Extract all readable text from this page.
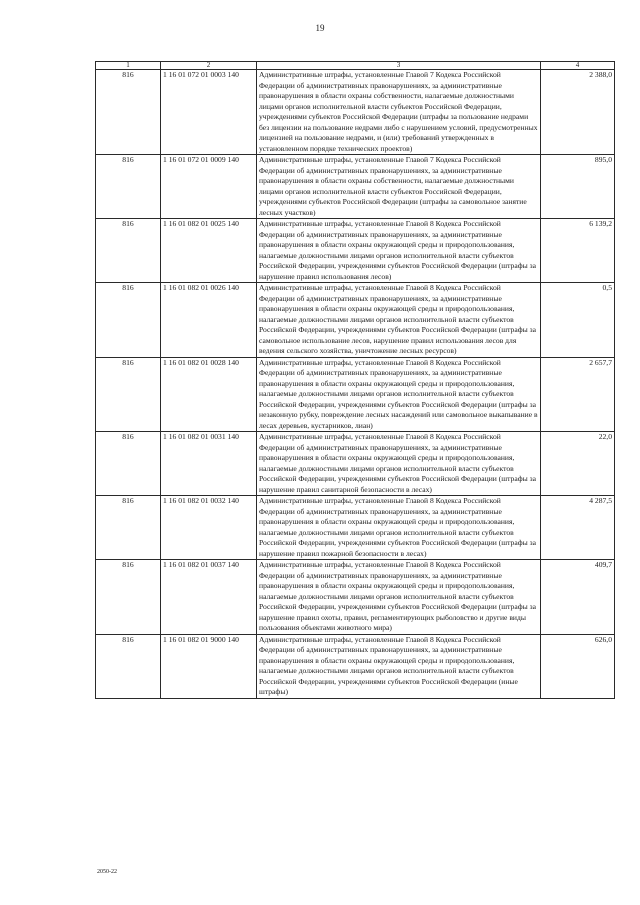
19
1	2	3	4
816	1 16 01 072 01 0003 140	Административные штрафы, установленные Главой 7 Кодекса Российской Федерации об административных правонарушениях, за административные правонарушения в области охраны собственности, налагаемые должностными лицами органов исполнительной власти субъектов Российской Федерации, учреждениями субъектов Российской Федерации (штрафы за пользование недрами без лицензии на пользование недрами либо с нарушением условий, предусмотренных лицензией на пользование недрами, и (или) требований утвержденных в установленном порядке технических проектов)	2 388,0
816	1 16 01 072 01 0009 140	Административные штрафы, установленные Главой 7 Кодекса Российской Федерации об административных правонарушениях, за административные правонарушения в области охраны собственности, налагаемые должностными лицами органов исполнительной власти субъектов Российской Федерации, учреждениями субъектов Российской Федерации (штрафы за самовольное занятие лесных участков)	895,0
816	1 16 01 082 01 0025 140	Административные штрафы, установленные Главой 8 Кодекса Российской Федерации об административных правонарушениях, за административные правонарушения в области охраны окружающей среды и природопользования, налагаемые должностными лицами органов исполнительной власти субъектов Российской Федерации, учреждениями субъектов Российской Федерации (штрафы за нарушение правил использования лесов)	6 139,2
816	1 16 01 082 01 0026 140	Административные штрафы, установленные Главой 8 Кодекса Российской Федерации об административных правонарушениях, за административные правонарушения в области охраны окружающей среды и природопользования, налагаемые должностными лицами органов исполнительной власти субъектов Российской Федерации, учреждениями субъектов Российской Федерации (штрафы за самовольное использование лесов, нарушение правил использования лесов для ведения сельского хозяйства, уничтожение лесных ресурсов)	0,5
816	1 16 01 082 01 0028 140	Административные штрафы, установленные Главой 8 Кодекса Российской Федерации об административных правонарушениях, за административные правонарушения в области охраны окружающей среды и природопользования, налагаемые должностными лицами органов исполнительной власти субъектов Российской Федерации, учреждениями субъектов Российской Федерации (штрафы за незаконную рубку, повреждение лесных насаждений или самовольное выкапывание в лесах деревьев, кустарников, лиан)	2 657,7
816	1 16 01 082 01 0031 140	Административные штрафы, установленные Главой 8 Кодекса Российской Федерации об административных правонарушениях, за административные правонарушения в области охраны окружающей среды и природопользования, налагаемые должностными лицами органов исполнительной власти субъектов Российской Федерации, учреждениями субъектов Российской Федерации (штрафы за нарушение правил санитарной безопасности в лесах)	22,0
816	1 16 01 082 01 0032 140	Административные штрафы, установленные Главой 8 Кодекса Российской Федерации об административных правонарушениях, за административные правонарушения в области охраны окружающей среды и природопользования, налагаемые должностными лицами органов исполнительной власти субъектов Российской Федерации, учреждениями субъектов Российской Федерации (штрафы за нарушение правил пожарной безопасности в лесах)	4 287,5
816	1 16 01 082 01 0037 140	Административные штрафы, установленные Главой 8 Кодекса Российской Федерации об административных правонарушениях, за административные правонарушения в области охраны окружающей среды и природопользования, налагаемые должностными лицами органов исполнительной власти субъектов Российской Федерации, учреждениями субъектов Российской Федерации (штрафы за нарушение правил охоты, правил, регламентирующих рыболовство и другие виды пользования объектами животного мира)	409,7
816	1 16 01 082 01 9000 140	Административные штрафы, установленные Главой 8 Кодекса Российской Федерации об административных правонарушениях, за административные правонарушения в области охраны окружающей среды и природопользования, налагаемые должностными лицами органов исполнительной власти субъектов Российской Федерации, учреждениями субъектов Российской Федерации (иные штрафы)	626,0
2050-22
